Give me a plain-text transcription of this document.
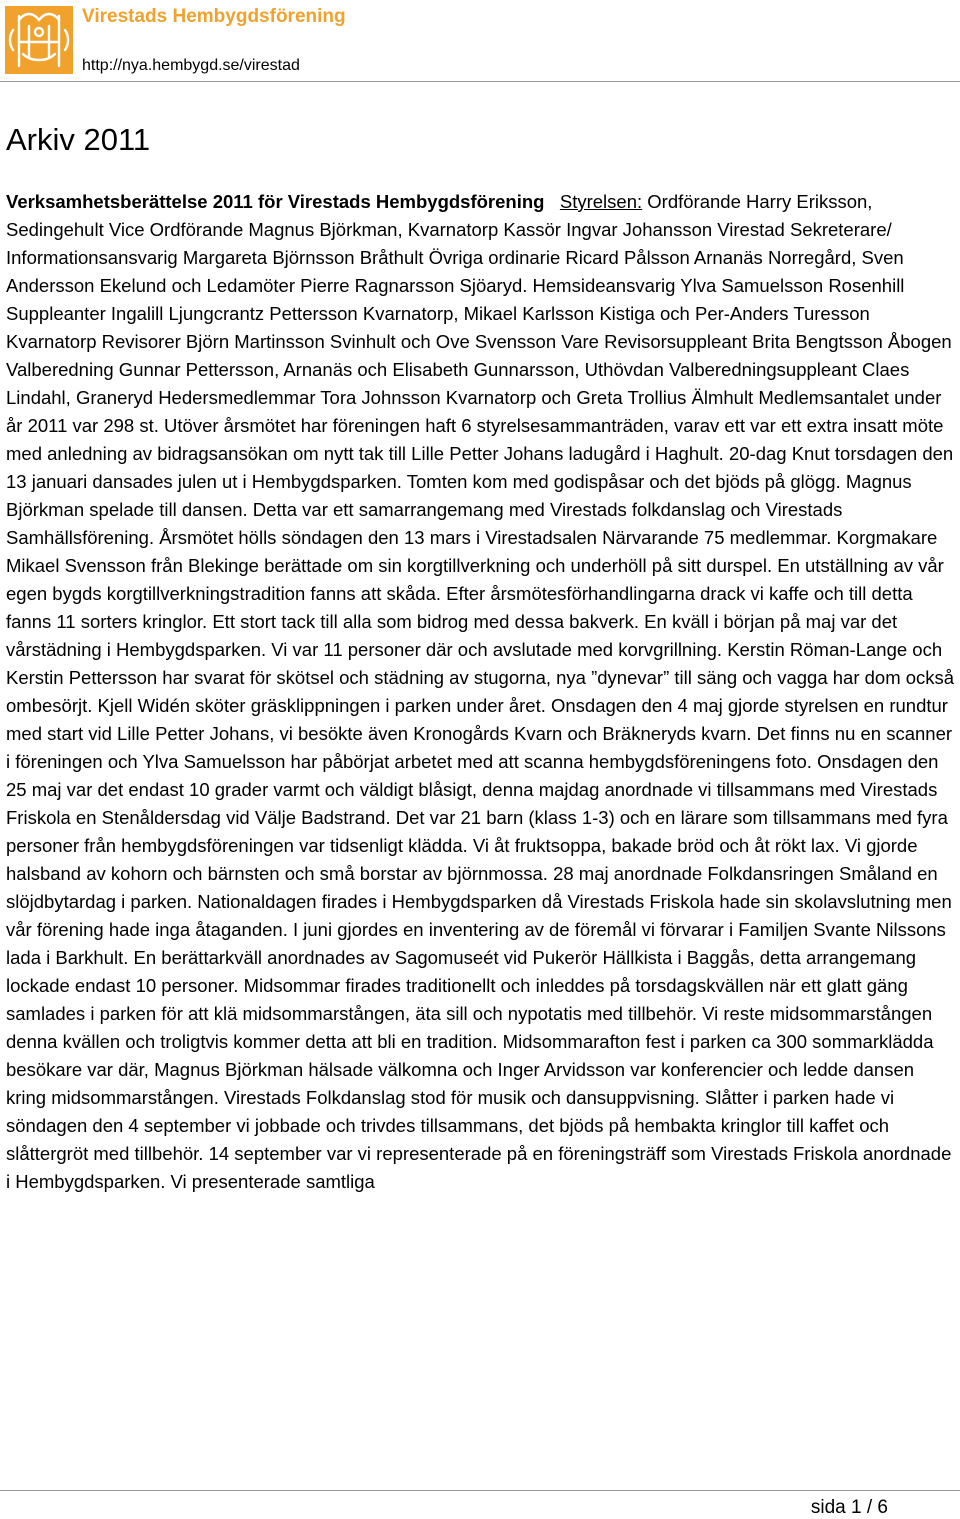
Virestads Hembygdsförening
http://nya.hembygd.se/virestad
Arkiv 2011

Verksamhetsberättelse 2011 för Virestads Hembygdsförening Styrelsen: Ordförande Harry Eriksson, Sedingehult Vice Ordförande Magnus Björkman, Kvarnatorp Kassör Ingvar Johansson Virestad Sekreterare/ Informationsansvarig Margareta Björnsson Bråthult Övriga ordinarie Ricard Pålsson Arnanäs Norregård, Sven Andersson Ekelund och Ledamöter Pierre Ragnarsson Sjöaryd. Hemsideansvarig Ylva Samuelsson Rosenhill Suppleanter Ingalill Ljungcrantz Pettersson Kvarnatorp, Mikael Karlsson Kistiga och Per-Anders Turesson Kvarnatorp Revisorer Björn Martinsson Svinhult och Ove Svensson Vare Revisorsuppleant Brita Bengtsson Åbogen Valberedning Gunnar Pettersson, Arnanäs och Elisabeth Gunnarsson, Uthövdan Valberedningsuppleant Claes Lindahl, Graneryd Hedersmedlemmar Tora Johnsson Kvarnatorp och Greta Trollius Älmhult Medlemsantalet under år 2011 var 298 st. Utöver årsmötet har föreningen haft 6 styrelsesammanträden, varav ett var ett extra insatt möte med anledning av bidragsansökan om nytt tak till Lille Petter Johans ladugård i Haghult. 20-dag Knut torsdagen den 13 januari dansades julen ut i Hembygdsparken. Tomten kom med godispåsar och det bjöds på glögg. Magnus Björkman spelade till dansen. Detta var ett samarrangemang med Virestads folkdanslag och Virestads Samhällsförening. Årsmötet hölls söndagen den 13 mars i Virestadsalen Närvarande 75 medlemmar. Korgmakare Mikael Svensson från Blekinge berättade om sin korgtillverkning och underhöll på sitt durspel. En utställning av vår egen bygds korgtillverkningstradition fanns att skåda. Efter årsmötesförhandlingarna drack vi kaffe och till detta fanns 11 sorters kringlor. Ett stort tack till alla som bidrog med dessa bakverk. En kväll i början på maj var det vårstädning i Hembygdsparken. Vi var 11 personer där och avslutade med korvgrillning. Kerstin Röman-Lange och Kerstin Pettersson har svarat för skötsel och städning av stugorna, nya ”dynevar” till säng och vagga har dom också ombesörjt. Kjell Widén sköter gräsklippningen i parken under året. Onsdagen den 4 maj gjorde styrelsen en rundtur med start vid Lille Petter Johans, vi besökte även Kronogårds Kvarn och Bräkneryds kvarn. Det finns nu en scanner i föreningen och Ylva Samuelsson har påbörjat arbetet med att scanna hembygdsföreningens foto. Onsdagen den 25 maj var det endast 10 grader varmt och väldigt blåsigt, denna majdag anordnade vi tillsammans med Virestads Friskola en Stenåldersdag vid Välje Badstrand. Det var 21 barn (klass 1-3) och en lärare som tillsammans med fyra personer från hembygdsföreningen var tidsenligt klädda. Vi åt fruktsoppa, bakade bröd och åt rökt lax. Vi gjorde halsband av kohorn och bärnsten och små borstar av björnmossa. 28 maj anordnade Folkdansringen Småland en slöjdbytardag i parken. Nationaldagen firades i Hembygdsparken då Virestads Friskola hade sin skolavslutning men vår förening hade inga åtaganden. I juni gjordes en inventering av de föremål vi förvarar i Familjen Svante Nilssons lada i Barkhult. En berättarkväll anordnades av Sagomuseét vid Pukerör Hällkista i Baggås, detta arrangemang lockade endast 10 personer. Midsommar firades traditionellt och inleddes på torsdagskvällen när ett glatt gäng samlades i parken för att klä midsommarstången, äta sill och nypotatis med tillbehör. Vi reste midsommarstången denna kvällen och troligtvis kommer detta att bli en tradition. Midsommarafton fest i parken ca 300 sommarklädda besökare var där, Magnus Björkman hälsade välkomna och Inger Arvidsson var konferencier och ledde dansen kring midsommarstången. Virestads Folkdanslag stod för musik och dansuppvisning. Slåtter i parken hade vi söndagen den 4 september vi jobbade och trivdes tillsammans, det bjöds på hembakta kringlor till kaffet och slåttergröt med tillbehör. 14 september var vi representerade på en föreningsträff som Virestads Friskola anordnade i Hembygdsparken. Vi presenterade samtliga

sida 1 / 6
